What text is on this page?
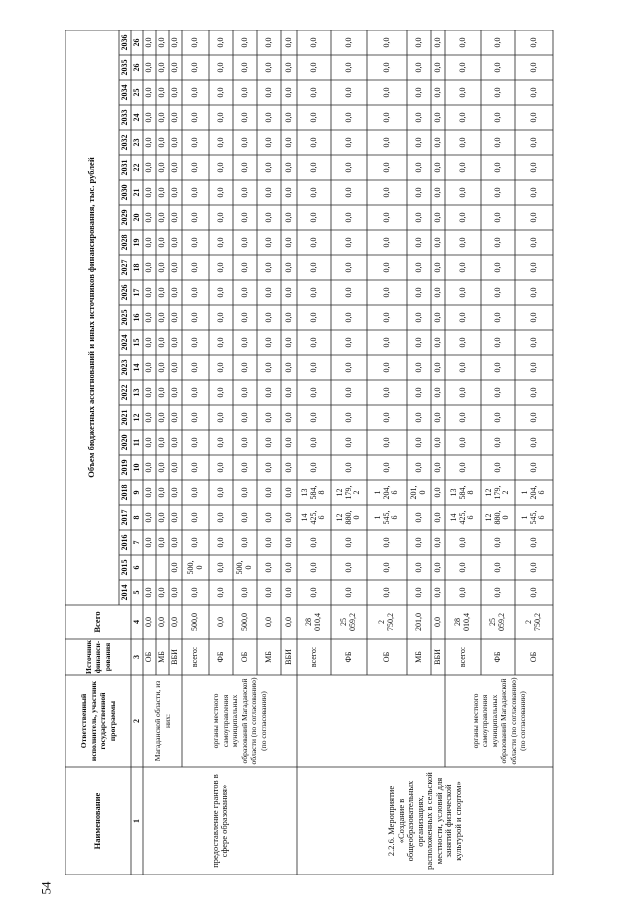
54
Наименование
Ответственный исполнитель, участник государственной программы
Источник финанси-рования
Всего
Объем бюджетных ассигнований и иных источников финансирования, тыс. рублей
2014
2015
2016
2017
2018
2019
2020
2021
2022
2023
2024
2025
2026
2027
2028
2029
2030
2031
2032
2033
2034
2035
2036
1
2
3
4
5
6
7
8
9
10
11
12
13
14
15
16
17
18
19
20
21
22
23
24
25
26
26
предоставление грантов в сфере образования»
Магаданской области, из них:	органы местного самоуправления муниципальных образований Магаданской области (по согласованию) (по согласованию)
2.2.6. Мероприятие «Создание в общеобразовательных организациях, расположенных в сельской местности, условий для занятий физической культурой и спортом»
органы местного самоуправления муниципальных образований Магаданской области (по согласованию) (по согласованию)
ОБ
0,0
0,0
0,0
0,0
0,0
0,0
0,0
0,0
0,0
0,0
0,0
0,0
0,0
0,0
0,0
0,0
0,0
0,0
0,0
0,0
0,0
0,0
0,0
МБ
0,0
0,0
0,0
0,0
0,0
0,0
0,0
0,0
0,0
0,0
0,0
0,0
0,0
0,0
0,0
0,0
0,0
0,0
0,0
0,0
0,0
0,0
0,0
ВБИ
0,0
0,0
0,0
0,0
0,0
0,0
0,0
0,0
0,0
0,0
0,0
0,0
0,0
0,0
0,0
0,0
0,0
0,0
0,0
0,0
0,0
0,0
0,0
0,0
всего:
500,0
0,0
500,
0
0,0
0,0
0,0
0,0
0,0
0,0
0,0
0,0
0,0
0,0
0,0
0,0
0,0
0,0
0,0
0,0
0,0
0,0
0,0
0,0
0,0
ФБ
0,0
0,0
0,0
0,0
0,0
0,0
0,0
0,0
0,0
0,0
0,0
0,0
0,0
0,0
0,0
0,0
0,0
0,0
0,0
0,0
0,0
0,0
0,0
0,0
ОБ
500,0
0,0
500,
0
0,0
0,0
0,0
0,0
0,0
0,0
0,0
0,0
0,0
0,0
0,0
0,0
0,0
0,0
0,0
0,0
0,0
0,0
0,0
0,0
0,0
МБ
0,0
0,0
0,0
0,0
0,0
0,0
0,0
0,0
0,0
0,0
0,0
0,0
0,0
0,0
0,0
0,0
0,0
0,0
0,0
0,0
0,0
0,0
0,0
0,0
ВБИ
0,0
0,0
0,0
0,0
0,0
0,0
0,0
0,0
0,0
0,0
0,0
0,0
0,0
0,0
0,0
0,0
0,0
0,0
0,0
0,0
0,0
0,0
0,0
0,0
всего:
28
010,4
0,0
0,0
0,0
14
425,
6
13
584,
8
0,0
0,0
0,0
0,0
0,0
0,0
0,0
0,0
0,0
0,0
0,0
0,0
0,0
0,0
0,0
0,0
0,0
0,0
ФБ
25
059,2
0,0
0,0
0,0
12
880,
0
12
179,
2
0,0
0,0
0,0
0,0
0,0
0,0
0,0
0,0
0,0
0,0
0,0
0,0
0,0
0,0
0,0
0,0
0,0
0,0
ОБ
2
750,2
0,0
0,0
0,0
1
545,
6
1
204,
6
0,0
0,0
0,0
0,0
0,0
0,0
0,0
0,0
0,0
0,0
0,0
0,0
0,0
0,0
0,0
0,0
0,0
0,0
МБ
201,0
0,0
0,0
0,0
0,0
201,
0
0,0
0,0
0,0
0,0
0,0
0,0
0,0
0,0
0,0
0,0
0,0
0,0
0,0
0,0
0,0
0,0
0,0
0,0
ВБИ
0,0
0,0
0,0
0,0
0,0
0,0
0,0
0,0
0,0
0,0
0,0
0,0
0,0
0,0
0,0
0,0
0,0
0,0
0,0
0,0
0,0
0,0
0,0
0,0
всего:
28
010,4
0,0
0,0
0,0
14
425,
6
13
584,
8
0,0
0,0
0,0
0,0
0,0
0,0
0,0
0,0
0,0
0,0
0,0
0,0
0,0
0,0
0,0
0,0
0,0
0,0
ФБ
25
059,2
0,0
0,0
0,0
12
880,
0
12
179,
2
0,0
0,0
0,0
0,0
0,0
0,0
0,0
0,0
0,0
0,0
0,0
0,0
0,0
0,0
0,0
0,0
0,0
0,0
ОБ
2
750,2
0,0
0,0
0,0
1
545,
6
1
204,
6
0,0
0,0
0,0
0,0
0,0
0,0
0,0
0,0
0,0
0,0
0,0
0,0
0,0
0,0
0,0
0,0
0,0
0,0
